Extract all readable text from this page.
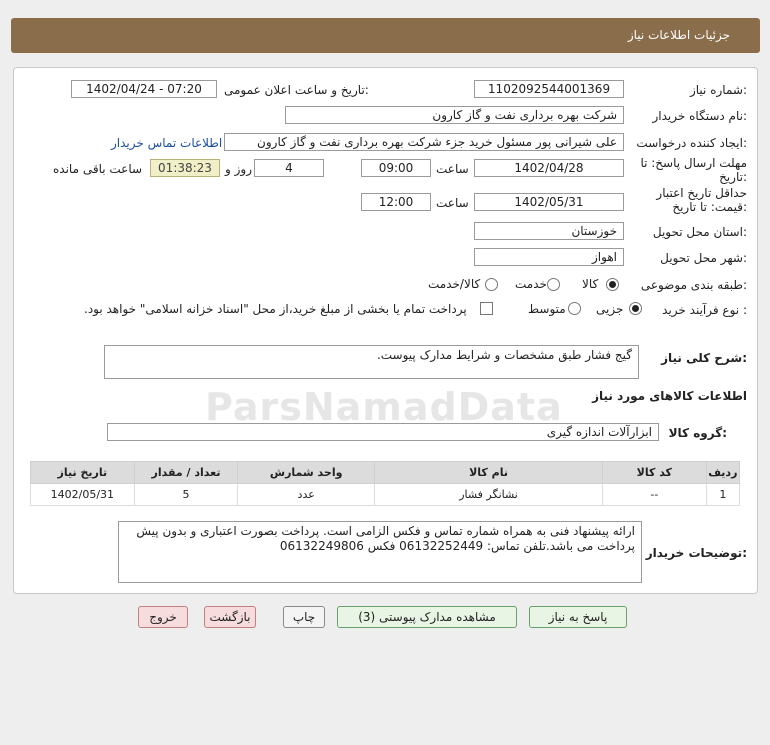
جزئیات اطلاعات نیاز
شماره نیاز:
1102092544001369
تاریخ و ساعت اعلان عمومی:
1402/04/24 - 07:20
نام دستگاه خریدار:
شرکت بهره برداری نفت و گاز کارون
ایجاد کننده درخواست:
علی شیرانی پور مسئول خرید جزء شرکت بهره برداری نفت و گاز کارون
اطلاعات تماس خریدار
مهلت ارسال پاسخ: تا
تاریخ:
1402/04/28
ساعت
09:00
4
روز و
01:38:23
ساعت باقی مانده
حداقل تاریخ اعتبار
قیمت: تا تاریخ:
1402/05/31
ساعت
12:00
استان محل تحویل:
خوزستان
شهر محل تحویل:
اهواز
طبقه بندی موضوعی:
کالا
خدمت
کالا/خدمت
نوع فرآیند خرید :
جزیی
متوسط
پرداخت تمام یا بخشی از مبلغ خرید،از محل "اسناد خزانه اسلامی" خواهد بود.
شرح کلی نیاز:
گیج فشار طبق مشخصات و شرایط مدارک پیوست.
اطلاعات کالاهای مورد نیاز
گروه کالا:
ابزارآلات اندازه گیری
توضیحات خریدار:
ارائه پیشنهاد فنی به همراه شماره تماس و فکس الزامی است. پرداخت بصورت اعتباری و بدون پیش پرداخت می باشد.تلفن تماس: 06132252449 فکس 06132249806
ردیف	کد کالا	نام کالا	واحد شمارش	تعداد / مقدار	تاریخ نیاز
1	--	نشانگر فشار	عدد	5	1402/05/31
پاسخ به نیاز
مشاهده مدارک پیوستی (3)
چاپ
بازگشت
خروج
ParsNamadData
